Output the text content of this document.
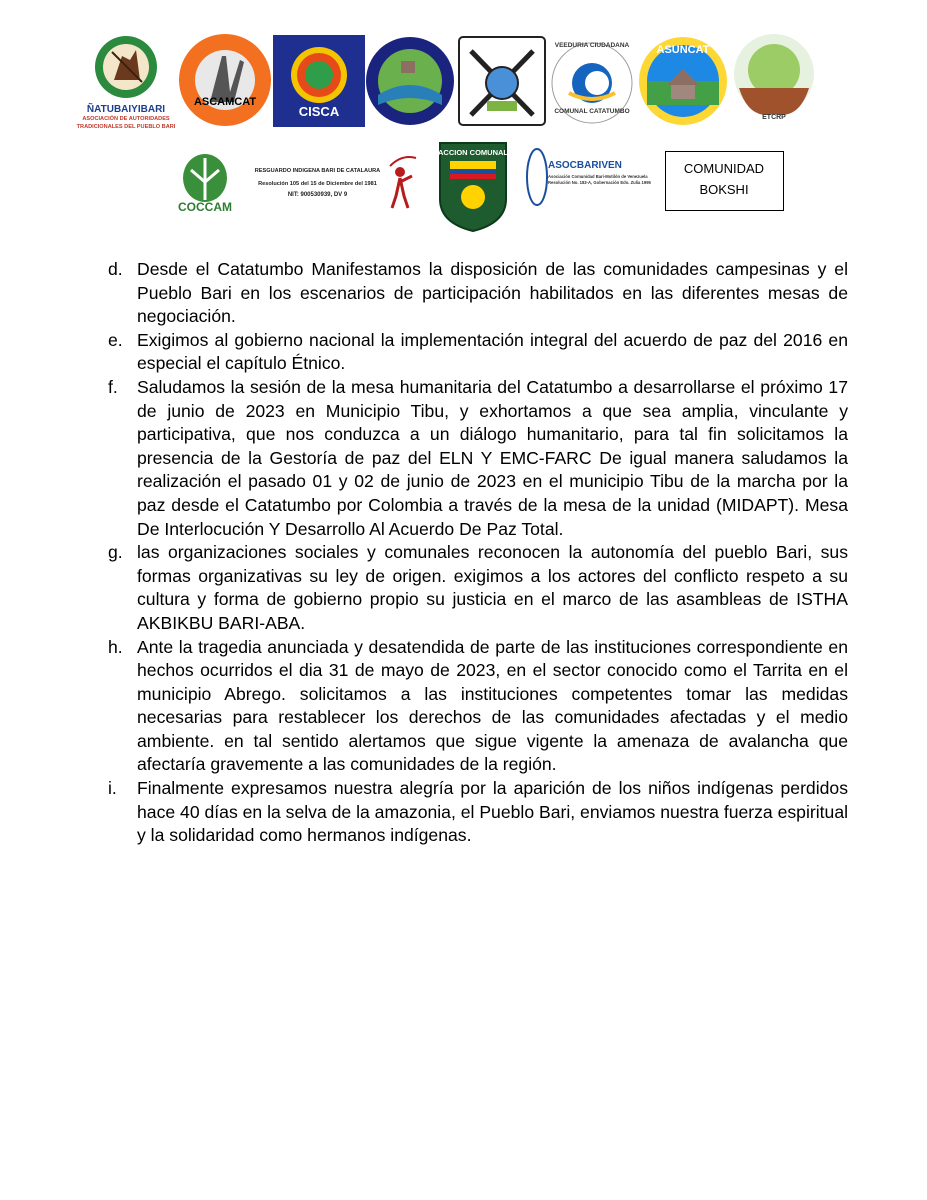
ÑATUBAIYIBARI
ASOCIACIÓN DE AUTORIDADES
TRADICIONALES DEL PUEBLO BARI
ASCAMCAT
CISCA
VEEDURIA CIUDADANA
COMUNAL CATATUMBO
ASUNCAT
ETCRP
COCCAM
RESGUARDO INDIGENA BARI DE CATALAURA
Resolución 105 del 15 de Diciembre del 1981
NIT: 900530939, DV 9
ACCION COMUNAL
ASOCBARIVEN
Asociación Comunidad Barí-Motilón de Venezuela
Resolución No. 183-A, Gobernación Edo. Zulia 1995
COMUNIDAD
BOKSHI
d. Desde el Catatumbo Manifestamos la disposición de las comunidades campesinas y el Pueblo Bari en los escenarios de participación habilitados en las diferentes mesas de negociación.
e. Exigimos al gobierno nacional la implementación integral del acuerdo de paz del 2016 en especial el capítulo Étnico.
f. Saludamos la sesión de la mesa humanitaria del Catatumbo a desarrollarse el próximo 17 de junio de 2023 en Municipio Tibu, y exhortamos a que sea amplia, vinculante y participativa, que nos conduzca a un diálogo humanitario, para tal fin solicitamos la presencia de la Gestoría de paz del ELN Y EMC-FARC De igual manera saludamos la realización el pasado 01 y 02 de junio de 2023 en el municipio Tibu de la marcha por la paz desde el Catatumbo por Colombia a través de la mesa de la unidad (MIDAPT). Mesa De Interlocución Y Desarrollo Al Acuerdo De Paz Total.
g. las organizaciones sociales y comunales reconocen la autonomía del pueblo Bari, sus formas organizativas su ley de origen. exigimos a los actores del conflicto respeto a su cultura y forma de gobierno propio su justicia en el marco de las asambleas de ISTHA AKBIKBU BARI-ABA.
h. Ante la tragedia anunciada y desatendida de parte de las instituciones correspondiente en hechos ocurridos el dia 31 de mayo de 2023, en el sector conocido como el Tarrita en el municipio Abrego. solicitamos a las instituciones competentes tomar las medidas necesarias para restablecer los derechos de las comunidades afectadas y el medio ambiente. en tal sentido alertamos que sigue vigente la amenaza de avalancha que afectaría gravemente a las comunidades de la región.
i. Finalmente expresamos nuestra alegría por la aparición de los niños indígenas perdidos hace 40 días en la selva de la amazonia, el Pueblo Bari, enviamos nuestra fuerza espiritual y la solidaridad como hermanos indígenas.
